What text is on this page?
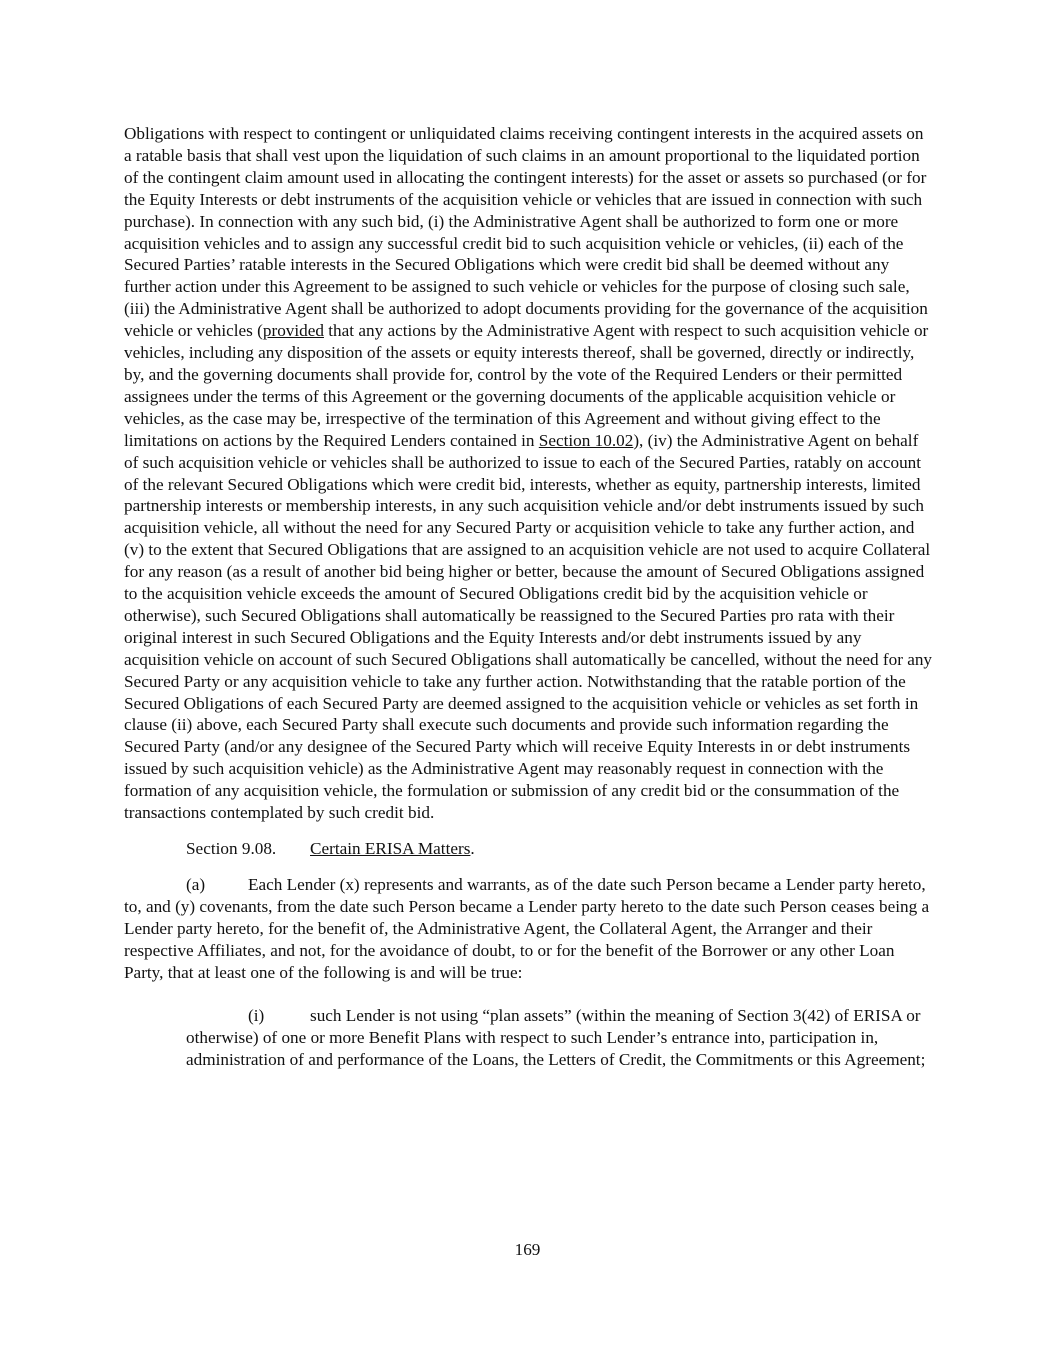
Obligations with respect to contingent or unliquidated claims receiving contingent interests in the acquired assets on a ratable basis that shall vest upon the liquidation of such claims in an amount proportional to the liquidated portion of the contingent claim amount used in allocating the contingent interests) for the asset or assets so purchased (or for the Equity Interests or debt instruments of the acquisition vehicle or vehicles that are issued in connection with such purchase). In connection with any such bid, (i) the Administrative Agent shall be authorized to form one or more acquisition vehicles and to assign any successful credit bid to such acquisition vehicle or vehicles, (ii) each of the Secured Parties’ ratable interests in the Secured Obligations which were credit bid shall be deemed without any further action under this Agreement to be assigned to such vehicle or vehicles for the purpose of closing such sale, (iii) the Administrative Agent shall be authorized to adopt documents providing for the governance of the acquisition vehicle or vehicles (provided that any actions by the Administrative Agent with respect to such acquisition vehicle or vehicles, including any disposition of the assets or equity interests thereof, shall be governed, directly or indirectly, by, and the governing documents shall provide for, control by the vote of the Required Lenders or their permitted assignees under the terms of this Agreement or the governing documents of the applicable acquisition vehicle or vehicles, as the case may be, irrespective of the termination of this Agreement and without giving effect to the limitations on actions by the Required Lenders contained in Section 10.02), (iv) the Administrative Agent on behalf of such acquisition vehicle or vehicles shall be authorized to issue to each of the Secured Parties, ratably on account of the relevant Secured Obligations which were credit bid, interests, whether as equity, partnership interests, limited partnership interests or membership interests, in any such acquisition vehicle and/or debt instruments issued by such acquisition vehicle, all without the need for any Secured Party or acquisition vehicle to take any further action, and (v) to the extent that Secured Obligations that are assigned to an acquisition vehicle are not used to acquire Collateral for any reason (as a result of another bid being higher or better, because the amount of Secured Obligations assigned to the acquisition vehicle exceeds the amount of Secured Obligations credit bid by the acquisition vehicle or otherwise), such Secured Obligations shall automatically be reassigned to the Secured Parties pro rata with their original interest in such Secured Obligations and the Equity Interests and/or debt instruments issued by any acquisition vehicle on account of such Secured Obligations shall automatically be cancelled, without the need for any Secured Party or any acquisition vehicle to take any further action. Notwithstanding that the ratable portion of the Secured Obligations of each Secured Party are deemed assigned to the acquisition vehicle or vehicles as set forth in clause (ii) above, each Secured Party shall execute such documents and provide such information regarding the Secured Party (and/or any designee of the Secured Party which will receive Equity Interests in or debt instruments issued by such acquisition vehicle) as the Administrative Agent may reasonably request in connection with the formation of any acquisition vehicle, the formulation or submission of any credit bid or the consummation of the transactions contemplated by such credit bid.

Section 9.08. Certain ERISA Matters.

(a) Each Lender (x) represents and warrants, as of the date such Person became a Lender party hereto, to, and (y) covenants, from the date such Person became a Lender party hereto to the date such Person ceases being a Lender party hereto, for the benefit of, the Administrative Agent, the Collateral Agent, the Arranger and their respective Affiliates, and not, for the avoidance of doubt, to or for the benefit of the Borrower or any other Loan Party, that at least one of the following is and will be true:

(i)	such Lender is not using “plan assets” (within the meaning of Section 3(42) of ERISA or otherwise) of one or more Benefit Plans with respect to such Lender’s entrance into, participation in, administration of and performance of the Loans, the Letters of Credit, the Commitments or this Agreement;

169
